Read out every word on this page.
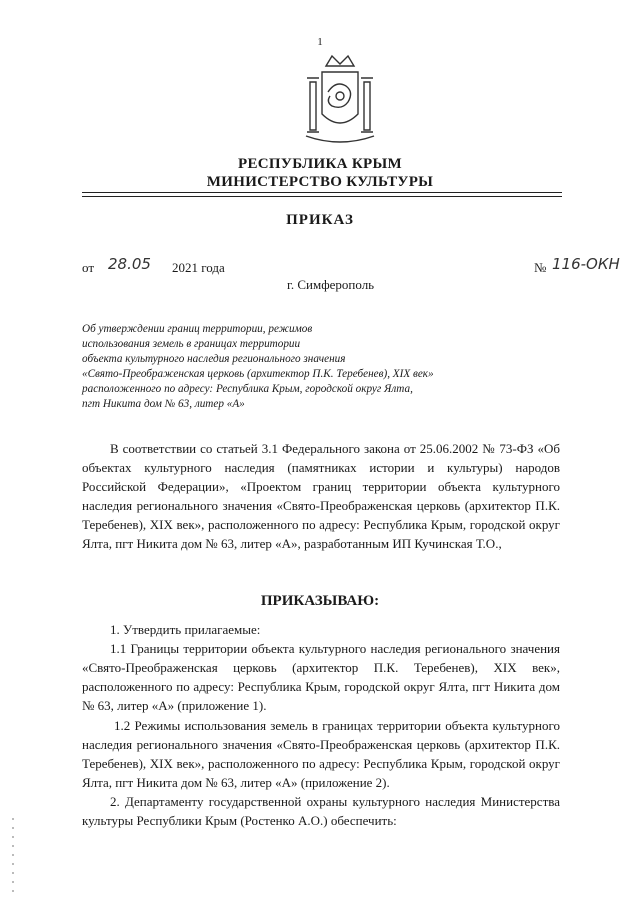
1
РЕСПУБЛИКА КРЫМ
МИНИСТЕРСТВО КУЛЬТУРЫ
ПРИКАЗ
от 28.05 2021 года	№ 116-ОКН
г. Симферополь
Об утверждении границ территории, режимов
использования земель в границах территории
объекта культурного наследия регионального значения
«Свято-Преображенская церковь (архитектор П.К. Теребенев), XIX век»
расположенного по адресу: Республика Крым, городской округ Ялта,
пгт Никита дом № 63, литер «А»
В соответствии со статьей 3.1 Федерального закона от 25.06.2002 № 73-ФЗ «Об объектах культурного наследия (памятниках истории и культуры) народов Российской Федерации», «Проектом границ территории объекта культурного наследия регионального значения «Свято-Преображенская церковь (архитектор П.К. Теребенев), XIX век», расположенного по адресу: Республика Крым, городской округ Ялта, пгт Никита дом № 63, литер «А», разработанным ИП Кучинская Т.О.,
ПРИКАЗЫВАЮ:
1. Утвердить прилагаемые:
1.1 Границы территории объекта культурного наследия регионального значения «Свято-Преображенская церковь (архитектор П.К. Теребенев), XIX век», расположенного по адресу: Республика Крым, городской округ Ялта, пгт Никита дом № 63, литер «А» (приложение 1).
1.2 Режимы использования земель в границах территории объекта культурного наследия регионального значения «Свято-Преображенская церковь (архитектор П.К. Теребенев), XIX век», расположенного по адресу: Республика Крым, городской округ Ялта, пгт Никита дом № 63, литер «А» (приложение 2).
2. Департаменту государственной охраны культурного наследия Министерства культуры Республики Крым (Ростенко А.О.) обеспечить:
